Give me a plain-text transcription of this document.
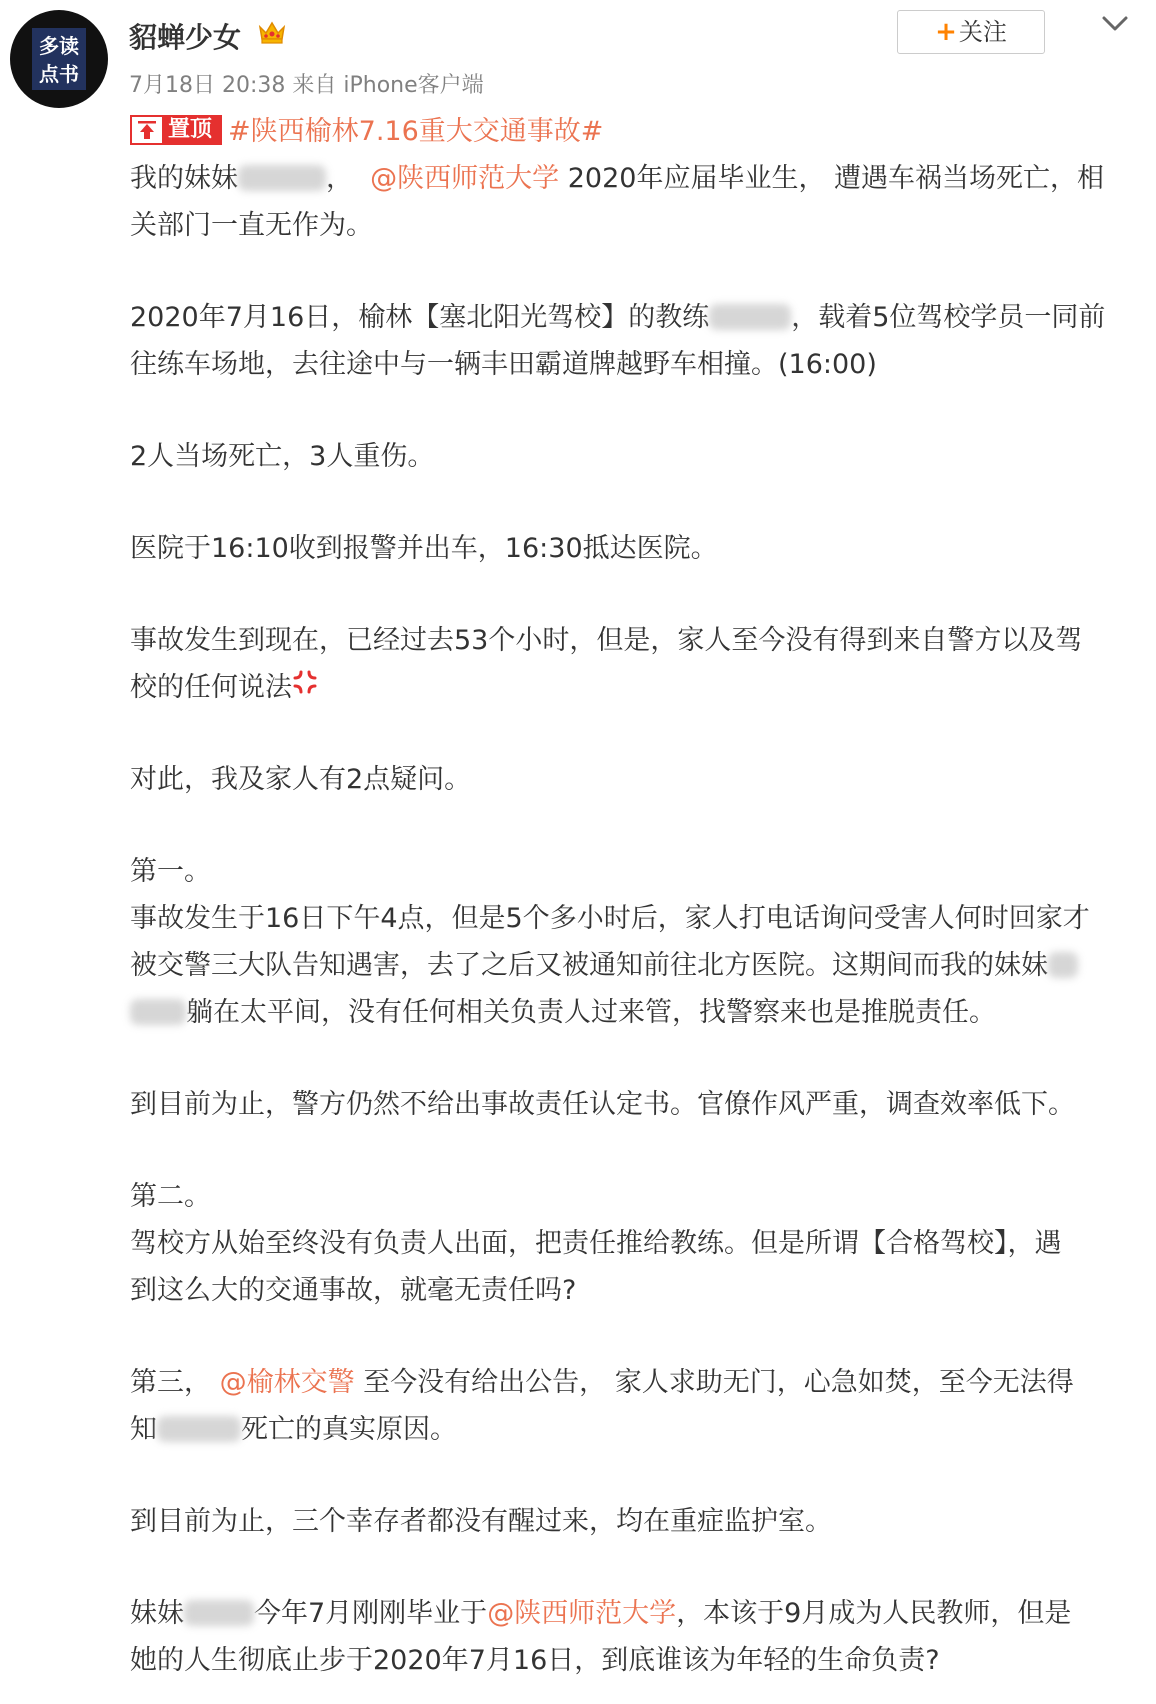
多读
点书
貂蝉少女
7月18日 20:38 来自 iPhone客户端
+关注
置顶 #陕西榆林7.16重大交通事故#
我的妹妹	， @陕西师范大学 2020年应届毕业生， 遭遇车祸当场死亡，相
关部门一直无作为。
2020年7月16日，榆林【塞北阳光驾校】的教练	，载着5位驾校学员一同前
往练车场地，去往途中与一辆丰田霸道牌越野车相撞。(16:00)
2人当场死亡，3人重伤。
医院于16:10收到报警并出车，16:30抵达医院。
事故发生到现在，已经过去53个小时，但是，家人至今没有得到来自警方以及驾
校的任何说法
对此，我及家人有2点疑问。
第一。
事故发生于16日下午4点，但是5个多小时后，家人打电话询问受害人何时回家才
被交警三大队告知遇害，去了之后又被通知前往北方医院。这期间而我的妹妹
躺在太平间，没有任何相关负责人过来管，找警察来也是推脱责任。
到目前为止，警方仍然不给出事故责任认定书。官僚作风严重，调查效率低下。
第二。
驾校方从始至终没有负责人出面，把责任推给教练。但是所谓【合格驾校】，遇
到这么大的交通事故，就毫无责任吗?
第三， @榆林交警 至今没有给出公告， 家人求助无门，心急如焚，至今无法得
知	死亡的真实原因。
到目前为止，三个幸存者都没有醒过来，均在重症监护室。
妹妹	今年7月刚刚毕业于@陕西师范大学，本该于9月成为人民教师，但是
她的人生彻底止步于2020年7月16日，到底谁该为年轻的生命负责?
